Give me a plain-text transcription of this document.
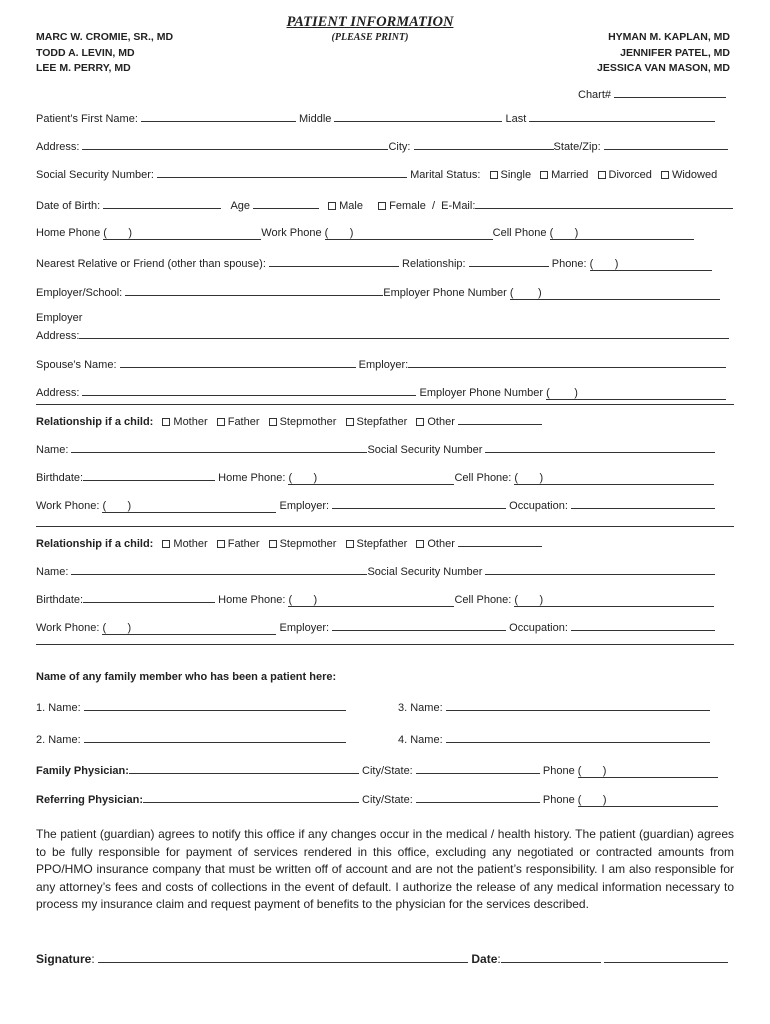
MARC W. CROMIE, SR., MD
TODD A. LEVIN, MD
LEE M. PERRY, MD
PATIENT INFORMATION
(PLEASE PRINT)	HYMAN M. KAPLAN, MD
JENNIFER PATEL, MD
JESSICA VAN MASON, MD
Chart#
Patient’s First Name:	Middle	Last
Address:	City:	State/Zip:
Social Security Number:	Marital Status: Single Married Divorced Widowed
Date of Birth:	Age	Male Female / E-Mail:
Home Phone (       )	Work Phone (       )	Cell Phone (       )
Nearest Relative or Friend (other than spouse):	Relationship:	Phone: (       )
Employer/School:	Employer Phone Number (        )
Employer
Address:
Spouse’s Name:	Employer:
Address:	Employer Phone Number (        )
Relationship if a child: Mother Father Stepmother Stepfather Other
Name:	Social Security Number
Birthdate:	Home Phone: (       )	Cell Phone: (       )
Work Phone: (       )	Employer:	Occupation:
Relationship if a child: Mother Father Stepmother Stepfather Other
Name:	Social Security Number
Birthdate:	Home Phone: (       )	Cell Phone: (       )
Work Phone: (       )	Employer:	Occupation:
Name of any family member who has been a patient here:
1. Name:	3. Name:
2. Name:	4. Name:
Family Physician:	City/State:	Phone (       )
Referring Physician:	City/State:	Phone (       )
The patient (guardian) agrees to notify this office if any changes occur in the medical / health history. The patient (guardian) agrees to be fully responsible for payment of services rendered in this office, excluding any negotiated or contracted amounts from PPO/HMO insurance company that must be written off of account and are not the patient’s responsibility. I am also responsible for any attorney’s fees and costs of collections in the event of default. I authorize the release of any medical information necessary to process my insurance claim and request payment of benefits to the physician for the services described.
Signature:	Date:
